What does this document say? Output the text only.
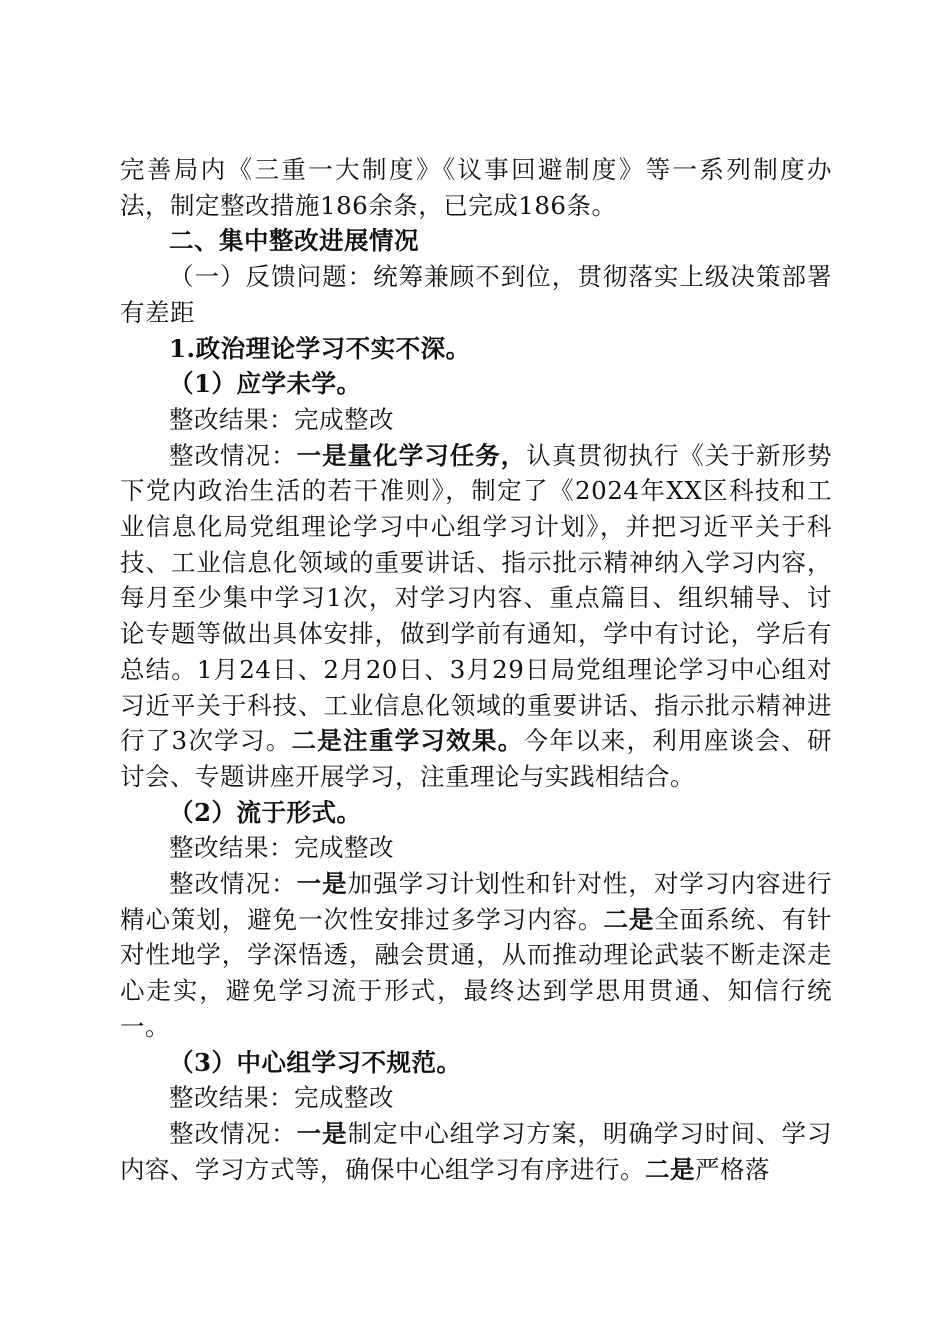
完善局内《三重一大制度》《议事回避制度》等一系列制度办法，制定整改措施186余条，已完成186条。

二、集中整改进展情况

（一）反馈问题：统筹兼顾不到位，贯彻落实上级决策部署有差距

1.政治理论学习不实不深。

（1）应学未学。

整改结果：完成整改

整改情况：一是量化学习任务，认真贯彻执行《关于新形势下党内政治生活的若干准则》，制定了《2024年XX区科技和工业信息化局党组理论学习中心组学习计划》，并把习近平关于科技、工业信息化领域的重要讲话、指示批示精神纳入学习内容，每月至少集中学习1次，对学习内容、重点篇目、组织辅导、讨论专题等做出具体安排，做到学前有通知，学中有讨论，学后有总结。1月24日、2月20日、3月29日局党组理论学习中心组对习近平关于科技、工业信息化领域的重要讲话、指示批示精神进行了3次学习。二是注重学习效果。今年以来，利用座谈会、研讨会、专题讲座开展学习，注重理论与实践相结合。

（2）流于形式。

整改结果：完成整改

整改情况：一是加强学习计划性和针对性，对学习内容进行精心策划，避免一次性安排过多学习内容。二是全面系统、有针对性地学，学深悟透，融会贯通，从而推动理论武装不断走深走心走实，避免学习流于形式，最终达到学思用贯通、知信行统一。

（3）中心组学习不规范。

整改结果：完成整改

整改情况：一是制定中心组学习方案，明确学习时间、学习内容、学习方式等，确保中心组学习有序进行。二是严格落
